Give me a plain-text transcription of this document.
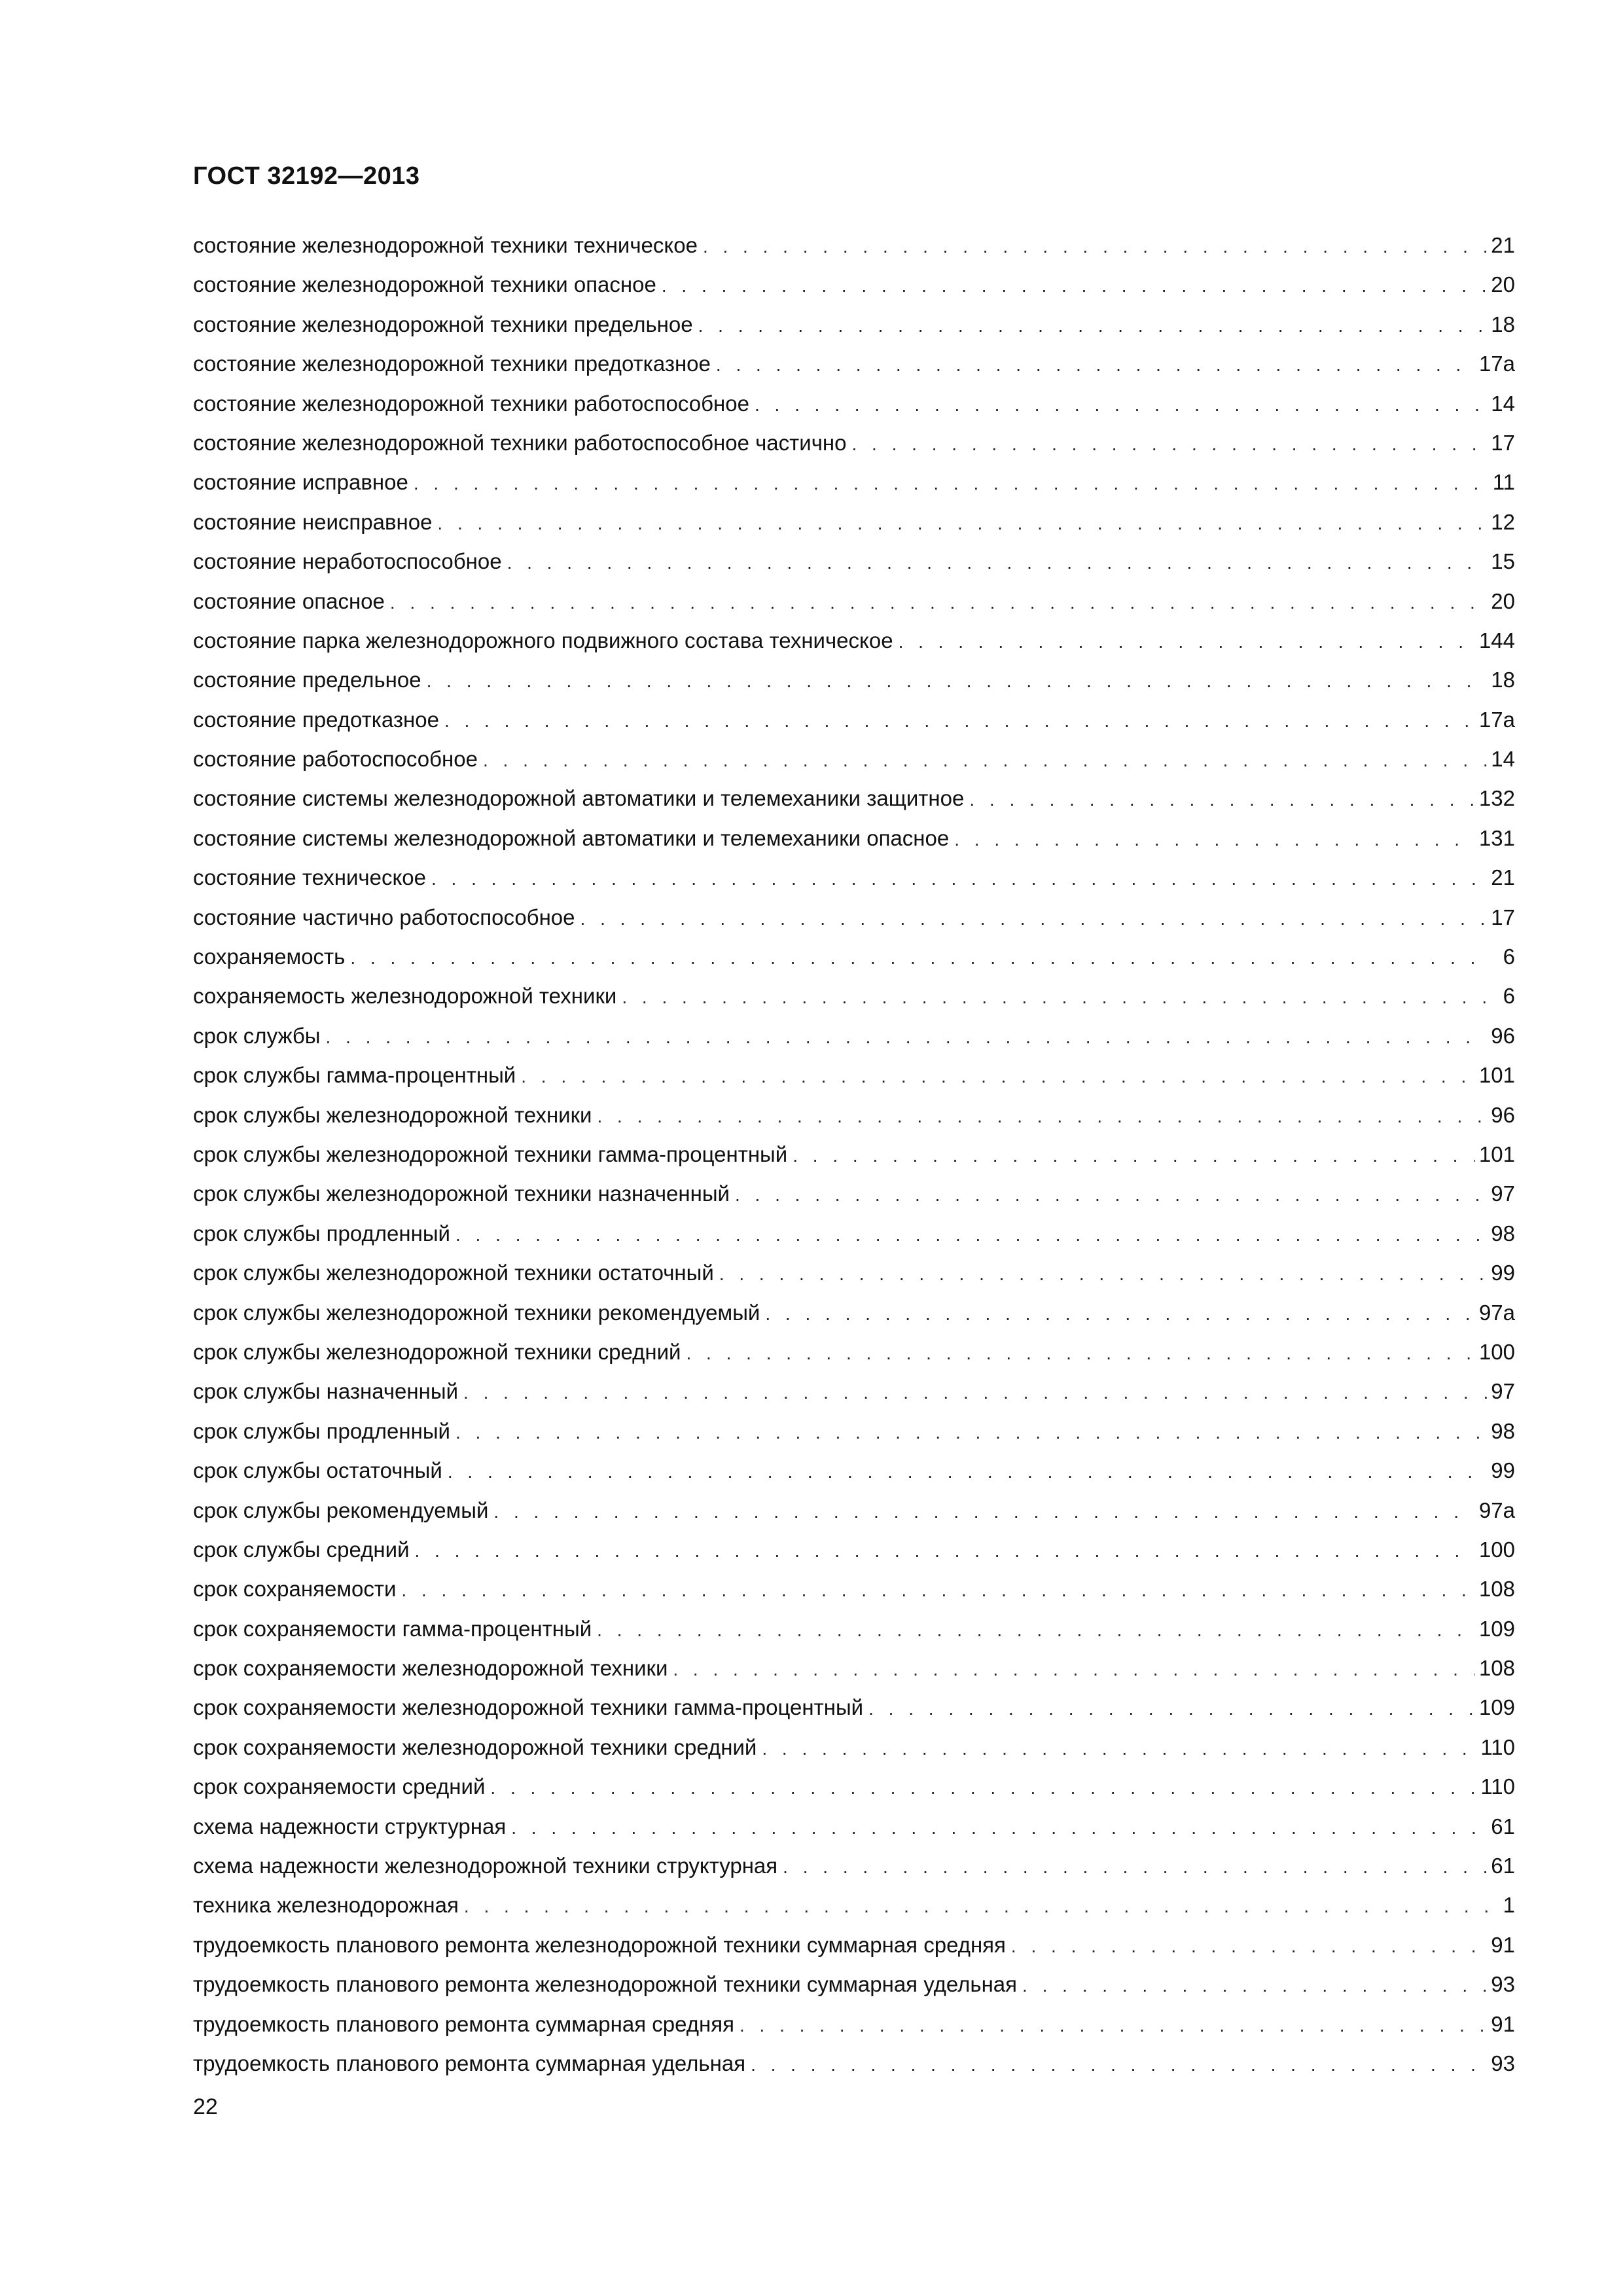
ГОСТ 32192—2013
состояние железнодорожной техники техническое . . .	21
состояние железнодорожной техники опасное . . .	20
состояние железнодорожной техники предельное . . .	18
состояние железнодорожной техники предотказное . . .	17а
состояние железнодорожной техники работоспособное . . .	14
состояние железнодорожной техники работоспособное частично . . .	17
состояние исправное . . .	11
состояние неисправное . . .	12
состояние неработоспособное . . .	15
состояние опасное . . .	20
состояние парка железнодорожного подвижного состава техническое . . .	144
состояние предельное . . .	18
состояние предотказное . . .	17а
состояние работоспособное . . .	14
состояние системы железнодорожной автоматики и телемеханики защитное . . .	132
состояние системы железнодорожной автоматики и телемеханики опасное . . .	131
состояние техническое . . .	21
состояние частично работоспособное . . .	17
сохраняемость . . .	6
сохраняемость железнодорожной техники . . .	6
срок службы . . .	96
срок службы гамма-процентный . . .	101
срок службы железнодорожной техники . . .	96
срок службы железнодорожной техники гамма-процентный . . .	101
срок службы железнодорожной техники назначенный . . .	97
срок службы продленный . . .	98
срок службы железнодорожной техники остаточный . . .	99
срок службы железнодорожной техники рекомендуемый . . .	97а
срок службы железнодорожной техники средний . . .	100
срок службы назначенный . . .	97
срок службы продленный . . .	98
срок службы остаточный . . .	99
срок службы рекомендуемый . . .	97а
срок службы средний . . .	100
срок сохраняемости . . .	108
срок сохраняемости гамма-процентный . . .	109
срок сохраняемости железнодорожной техники . . .	108
срок сохраняемости железнодорожной техники гамма-процентный . . .	109
срок сохраняемости железнодорожной техники средний . . .	110
срок сохраняемости средний . . .	110
схема надежности структурная . . .	61
схема надежности железнодорожной техники структурная . . .	61
техника железнодорожная . . .	1
трудоемкость планового ремонта железнодорожной техники суммарная средняя . . .	91
трудоемкость планового ремонта железнодорожной техники суммарная удельная . . .	93
трудоемкость планового ремонта суммарная средняя . . .	91
трудоемкость планового ремонта суммарная удельная . . .	93
22
